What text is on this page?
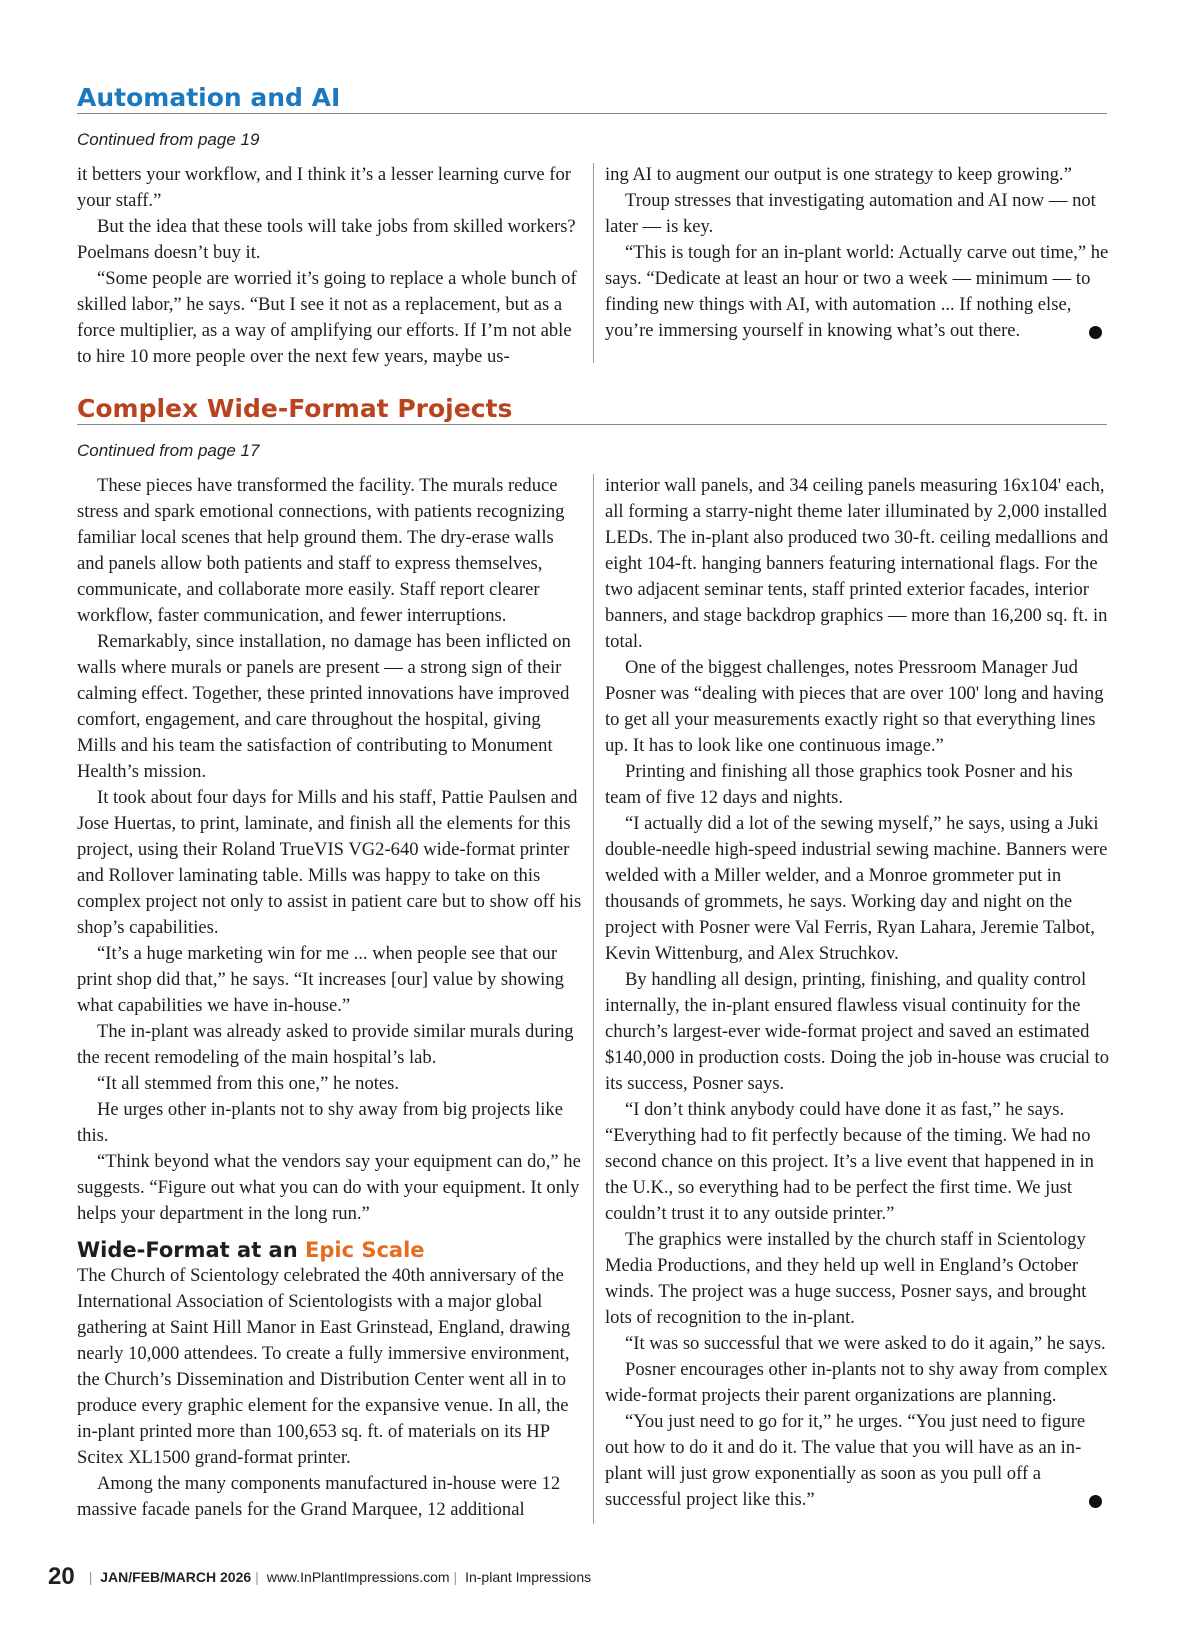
Automation and AI
Continued from page 19

it betters your workflow, and I think it’s a lesser learning curve for your staff.”

But the idea that these tools will take jobs from skilled workers? Poelmans doesn’t buy it.

“Some people are worried it’s going to replace a whole bunch of skilled labor,” he says. “But I see it not as a replacement, but as a force multiplier, as a way of amplifying our efforts. If I’m not able to hire 10 more people over the next few years, maybe us-

ing AI to augment our output is one strategy to keep growing.”

Troup stresses that investigating automation and AI now — not later — is key.

“This is tough for an in-plant world: Actually carve out time,” he says. “Dedicate at least an hour or two a week — minimum — to finding new things with AI, with automation ... If nothing else, you’re immersing yourself in knowing what’s out there.

Complex Wide-Format Projects
Continued from page 17

These pieces have transformed the facility. The murals reduce stress and spark emotional connections, with patients recognizing familiar local scenes that help ground them. The dry-erase walls and panels allow both patients and staff to express themselves, communicate, and collaborate more easily. Staff report clearer workflow, faster communication, and fewer interruptions.

Remarkably, since installation, no damage has been inflicted on walls where murals or panels are present — a strong sign of their calming effect. Together, these printed innovations have improved comfort, engagement, and care throughout the hospital, giving Mills and his team the satisfaction of contributing to Monument Health’s mission.

It took about four days for Mills and his staff, Pattie Paulsen and Jose Huertas, to print, laminate, and finish all the elements for this project, using their Roland TrueVIS VG2-640 wide-format printer and Rollover laminating table. Mills was happy to take on this complex project not only to assist in patient care but to show off his shop’s capabilities.

“It’s a huge marketing win for me ... when people see that our print shop did that,” he says. “It increases [our] value by showing what capabilities we have in-house.”

The in-plant was already asked to provide similar murals during the recent remodeling of the main hospital’s lab.

“It all stemmed from this one,” he notes.

He urges other in-plants not to shy away from big projects like this.

“Think beyond what the vendors say your equipment can do,” he suggests. “Figure out what you can do with your equipment. It only helps your department in the long run.”

Wide-Format at an Epic Scale

The Church of Scientology celebrated the 40th anniversary of the International Association of Scientologists with a major global gathering at Saint Hill Manor in East Grinstead, England, drawing nearly 10,000 attendees. To create a fully immersive environment, the Church’s Dissemination and Distribution Center went all in to produce every graphic element for the expansive venue. In all, the in-plant printed more than 100,653 sq. ft. of materials on its HP Scitex XL1500 grand-format printer.

Among the many components manufactured in-house were 12 massive facade panels for the Grand Marquee, 12 additional

interior wall panels, and 34 ceiling panels measuring 16x104' each, all forming a starry-night theme later illuminated by 2,000 installed LEDs. The in-plant also produced two 30-ft. ceiling medallions and eight 104-ft. hanging banners featuring international flags. For the two adjacent seminar tents, staff printed exterior facades, interior banners, and stage backdrop graphics — more than 16,200 sq. ft. in total.

One of the biggest challenges, notes Pressroom Manager Jud Posner was “dealing with pieces that are over 100' long and having to get all your measurements exactly right so that everything lines up. It has to look like one continuous image.”

Printing and finishing all those graphics took Posner and his team of five 12 days and nights.

“I actually did a lot of the sewing myself,” he says, using a Juki double-needle high-speed industrial sewing machine. Banners were welded with a Miller welder, and a Monroe grommeter put in thousands of grommets, he says. Working day and night on the project with Posner were Val Ferris, Ryan Lahara, Jeremie Talbot, Kevin Wittenburg, and Alex Struchkov.

By handling all design, printing, finishing, and quality control internally, the in-plant ensured flawless visual continuity for the church’s largest-ever wide-format project and saved an estimated $140,000 in production costs. Doing the job in-house was crucial to its success, Posner says.

“I don’t think anybody could have done it as fast,” he says. “Everything had to fit perfectly because of the timing. We had no second chance on this project. It’s a live event that happened in in the U.K., so everything had to be perfect the first time. We just couldn’t trust it to any outside printer.”

The graphics were installed by the church staff in Scientology Media Productions, and they held up well in England’s October winds. The project was a huge success, Posner says, and brought lots of recognition to the in-plant.

“It was so successful that we were asked to do it again,” he says.

Posner encourages other in-plants not to shy away from complex wide-format projects their parent organizations are planning.

“You just need to go for it,” he urges. “You just need to figure out how to do it and do it. The value that you will have as an in-plant will just grow exponentially as soon as you pull off a successful project like this.”

20 | JAN/FEB/MARCH 2026 | www.InPlantImpressions.com | In-plant Impressions
